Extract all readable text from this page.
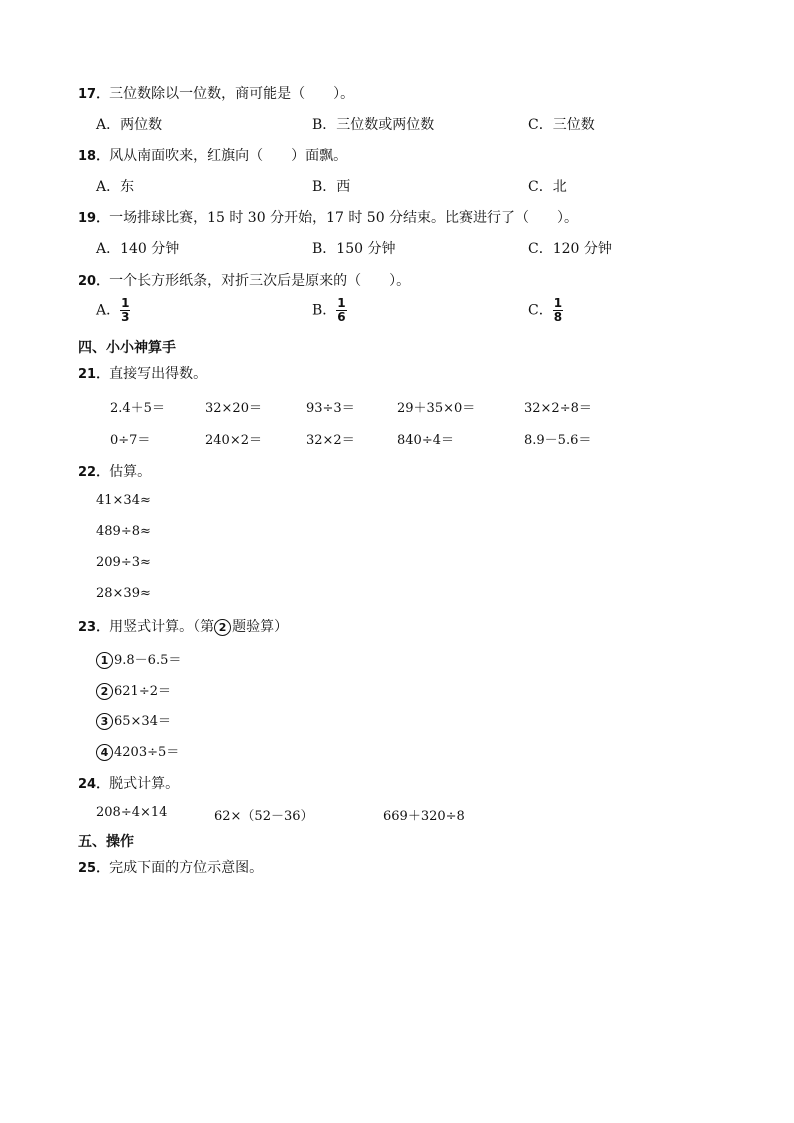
17．三位数除以一位数，商可能是（　　）。
A．两位数	B．三位数或两位数	C．三位数
18．风从南面吹来，红旗向（　　）面飘。
A．东	B．西	C．北
19．一场排球比赛，15 时 30 分开始，17 时 50 分结束。比赛进行了（　　）。
A．140 分钟	B．150 分钟	C．120 分钟
20．一个长方形纸条，对折三次后是原来的（　　）。
A． $\frac{1}{3}$	B． $\frac{1}{6}$	C． $\frac{1}{8}$
四、小小神算手
21．直接写出得数。
2.4＋5＝	32×20＝	93÷3＝	29＋35×0＝	32×2÷8＝
0÷7＝	240×2＝	32×2＝	840÷4＝	8.9－5.6＝
22．估算。
41×34≈
489÷8≈
209÷3≈
28×39≈
23．用竖式计算。（第 2 题验算）
1 9.8－6.5＝
2 621÷2＝
3 65×34＝
4 4203÷5＝
24．脱式计算。
208÷4×14	62×（52－36）	669＋320÷8
五、操作
25．完成下面的方位示意图。
